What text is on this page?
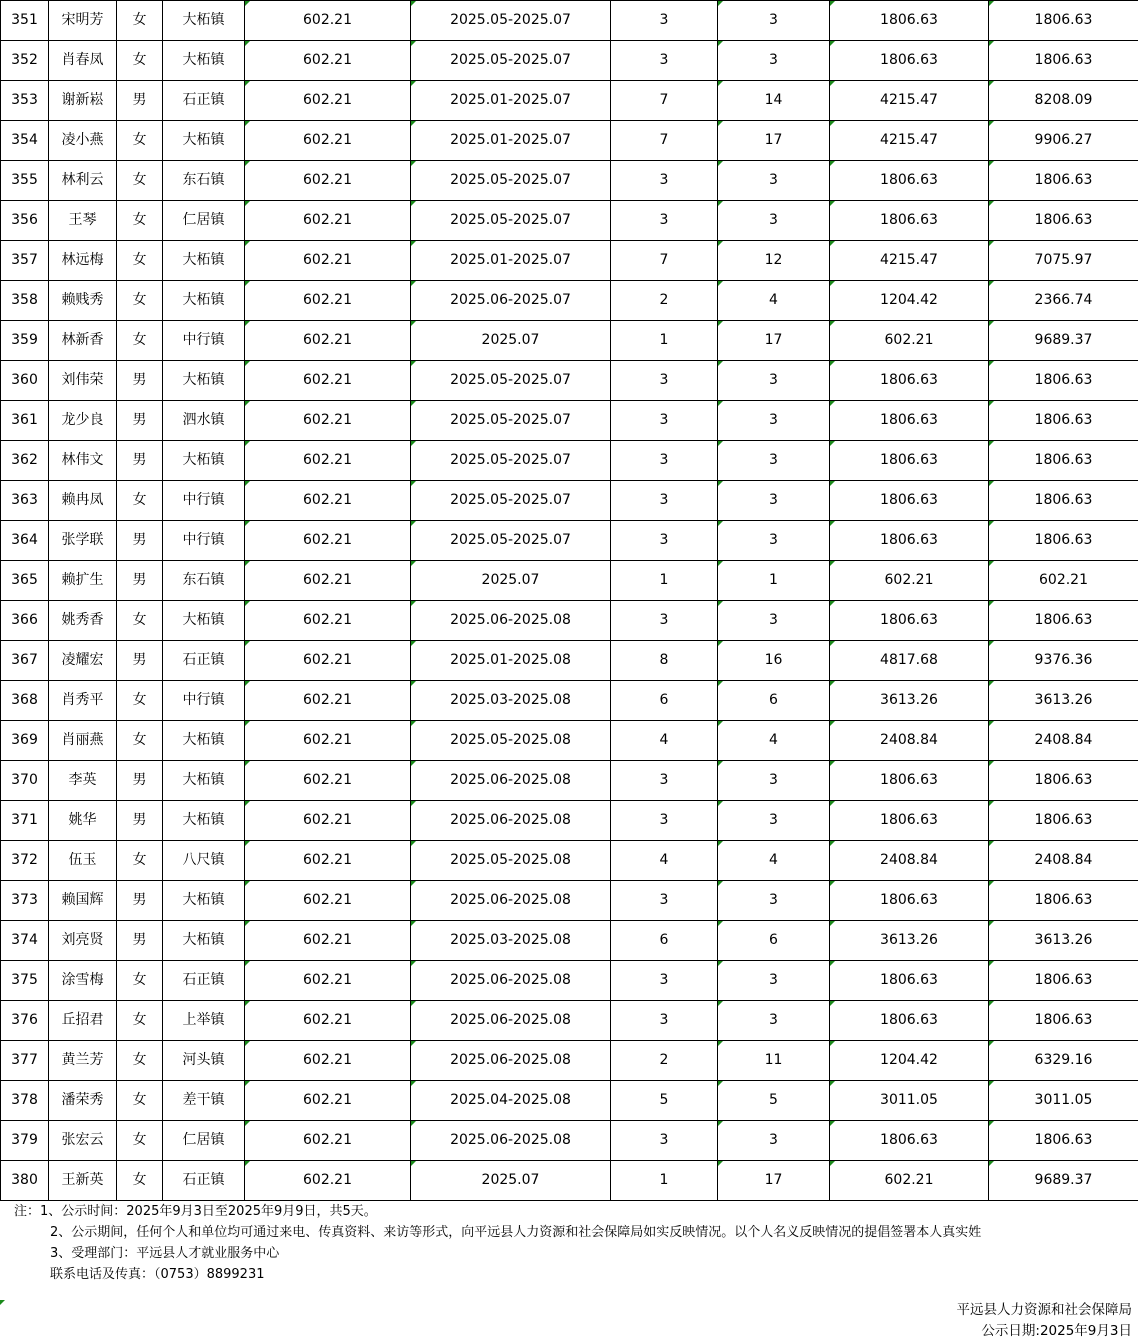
351	宋明芳	女	大柘镇	602.21	2025.05-2025.07	3	3	1806.63	1806.63
352	肖春凤	女	大柘镇	602.21	2025.05-2025.07	3	3	1806.63	1806.63
353	谢新崧	男	石正镇	602.21	2025.01-2025.07	7	14	4215.47	8208.09
354	凌小燕	女	大柘镇	602.21	2025.01-2025.07	7	17	4215.47	9906.27
355	林利云	女	东石镇	602.21	2025.05-2025.07	3	3	1806.63	1806.63
356	王琴	女	仁居镇	602.21	2025.05-2025.07	3	3	1806.63	1806.63
357	林远梅	女	大柘镇	602.21	2025.01-2025.07	7	12	4215.47	7075.97
358	赖贱秀	女	大柘镇	602.21	2025.06-2025.07	2	4	1204.42	2366.74
359	林新香	女	中行镇	602.21	2025.07	1	17	602.21	9689.37
360	刘伟荣	男	大柘镇	602.21	2025.05-2025.07	3	3	1806.63	1806.63
361	龙少良	男	泗水镇	602.21	2025.05-2025.07	3	3	1806.63	1806.63
362	林伟文	男	大柘镇	602.21	2025.05-2025.07	3	3	1806.63	1806.63
363	赖冉凤	女	中行镇	602.21	2025.05-2025.07	3	3	1806.63	1806.63
364	张学联	男	中行镇	602.21	2025.05-2025.07	3	3	1806.63	1806.63
365	赖扩生	男	东石镇	602.21	2025.07	1	1	602.21	602.21
366	姚秀香	女	大柘镇	602.21	2025.06-2025.08	3	3	1806.63	1806.63
367	凌耀宏	男	石正镇	602.21	2025.01-2025.08	8	16	4817.68	9376.36
368	肖秀平	女	中行镇	602.21	2025.03-2025.08	6	6	3613.26	3613.26
369	肖丽燕	女	大柘镇	602.21	2025.05-2025.08	4	4	2408.84	2408.84
370	李英	男	大柘镇	602.21	2025.06-2025.08	3	3	1806.63	1806.63
371	姚华	男	大柘镇	602.21	2025.06-2025.08	3	3	1806.63	1806.63
372	伍玉	女	八尺镇	602.21	2025.05-2025.08	4	4	2408.84	2408.84
373	赖国辉	男	大柘镇	602.21	2025.06-2025.08	3	3	1806.63	1806.63
374	刘亮贤	男	大柘镇	602.21	2025.03-2025.08	6	6	3613.26	3613.26
375	涂雪梅	女	石正镇	602.21	2025.06-2025.08	3	3	1806.63	1806.63
376	丘招君	女	上举镇	602.21	2025.06-2025.08	3	3	1806.63	1806.63
377	黄兰芳	女	河头镇	602.21	2025.06-2025.08	2	11	1204.42	6329.16
378	潘荣秀	女	差干镇	602.21	2025.04-2025.08	5	5	3011.05	3011.05
379	张宏云	女	仁居镇	602.21	2025.06-2025.08	3	3	1806.63	1806.63
380	王新英	女	石正镇	602.21	2025.07	1	17	602.21	9689.37
注：1、公示时间：2025年9月3日至2025年9月9日，共5天。
2、公示期间，任何个人和单位均可通过来电、传真资料、来访等形式，向平远县人力资源和社会保障局如实反映情况。以个人名义反映情况的提倡签署本人真实姓
3、受理部门：平远县人才就业服务中心
联系电话及传真：（0753）8899231
平远县人力资源和社会保障局
公示日期:2025年9月3日
